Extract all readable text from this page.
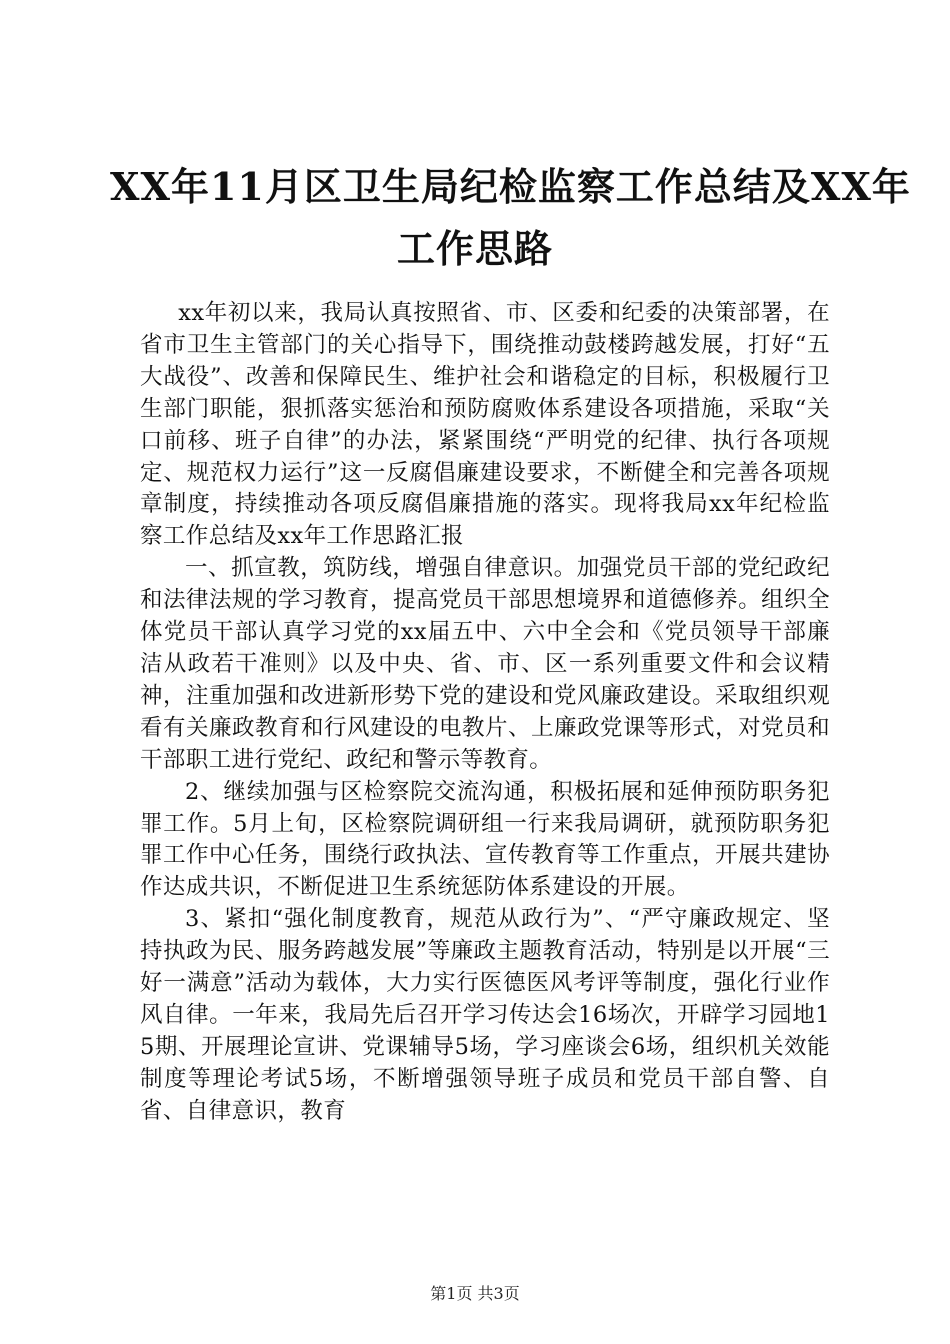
XX年11月区卫生局纪检监察工作总结及XX年
工作思路

xx年初以来，我局认真按照省、市、区委和纪委的决策部署，在省市卫生主管部门的关心指导下，围绕推动鼓楼跨越发展，打好“五大战役”、改善和保障民生、维护社会和谐稳定的目标，积极履行卫生部门职能，狠抓落实惩治和预防腐败体系建设各项措施，采取“关口前移、班子自律”的办法，紧紧围绕“严明党的纪律、执行各项规定、规范权力运行”这一反腐倡廉建设要求，不断健全和完善各项规章制度，持续推动各项反腐倡廉措施的落实。现将我局xx年纪检监察工作总结及xx年工作思路汇报

一、抓宣教，筑防线，增强自律意识。加强党员干部的党纪政纪和法律法规的学习教育，提高党员干部思想境界和道德修养。组织全体党员干部认真学习党的xx届五中、六中全会和《党员领导干部廉洁从政若干准则》以及中央、省、市、区一系列重要文件和会议精神，注重加强和改进新形势下党的建设和党风廉政建设。采取组织观看有关廉政教育和行风建设的电教片、上廉政党课等形式，对党员和干部职工进行党纪、政纪和警示等教育。

2、继续加强与区检察院交流沟通，积极拓展和延伸预防职务犯罪工作。5月上旬，区检察院调研组一行来我局调研，就预防职务犯罪工作中心任务，围绕行政执法、宣传教育等工作重点，开展共建协作达成共识，不断促进卫生系统惩防体系建设的开展。

3、紧扣“强化制度教育，规范从政行为”、“严守廉政规定、坚持执政为民、服务跨越发展”等廉政主题教育活动，特别是以开展“三好一满意”活动为载体，大力实行医德医风考评等制度，强化行业作风自律。一年来，我局先后召开学习传达会16场次，开辟学习园地15期、开展理论宣讲、党课辅导5场，学习座谈会6场，组织机关效能制度等理论考试5场，不断增强领导班子成员和党员干部自警、自省、自律意识，教育

第1页 共3页
